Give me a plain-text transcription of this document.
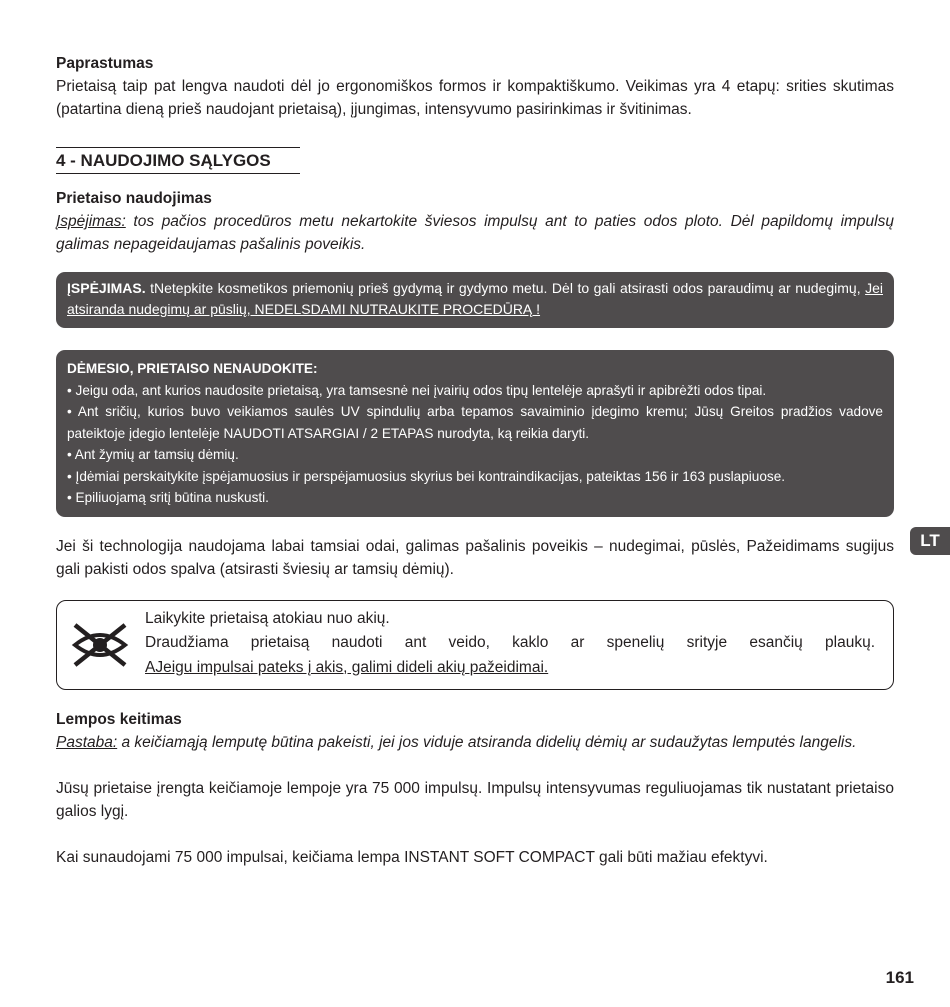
Paprastumas

Prietaisą taip pat lengva naudoti dėl jo ergonomiškos formos ir kompaktiškumo. Veikimas yra 4 etapų: srities skutimas (patartina dieną prieš naudojant prietaisą), įjungimas, intensyvumo pasirinkimas ir švitinimas.

4 - NAUDOJIMO SĄLYGOS
Prietaiso naudojimas

Įspėjimas: tos pačios procedūros metu nekartokite šviesos impulsų ant to paties odos ploto. Dėl papildomų impulsų galimas nepageidaujamas pašalinis poveikis.

ĮSPĖJIMAS. tNetepkite kosmetikos priemonių prieš gydymą ir gydymo metu. Dėl to gali atsirasti odos paraudimų ar nudegimų, Jei atsiranda nudegimų ar pūslių, NEDELSDAMI NUTRAUKITE PROCEDŪRĄ !
DĖMESIO, PRIETAISO NENAUDOKITE:
• Jeigu oda, ant kurios naudosite prietaisą, yra tamsesnė nei įvairių odos tipų lentelėje aprašyti ir apibrėžti odos tipai.
• Ant sričių, kurios buvo veikiamos saulės UV spindulių arba tepamos savaiminio įdegimo kremu; Jūsų Greitos pradžios vadove pateiktoje įdegio lentelėje NAUDOTI ATSARGIAI / 2 ETAPAS nurodyta, ką reikia daryti.
• Ant žymių ar tamsių dėmių.
• Įdėmiai perskaitykite įspėjamuosius ir perspėjamuosius skyrius bei kontraindikacijas, pateiktas 156 ir 163 puslapiuose.
• Epiliuojamą sritį būtina nuskusti.

Jei ši technologija naudojama labai tamsiai odai, galimas pašalinis poveikis – nudegimai, pūslės, Pažeidimams sugijus gali pakisti odos spalva (atsirasti šviesių ar tamsių dėmių).

Laikykite prietaisą atokiau nuo akių.
Draudžiama prietaisą naudoti ant veido, kaklo ar spenelių srityje esančių plaukų.
AJeigu impulsai pateks į akis, galimi dideli akių pažeidimai.
Lempos keitimas

Pastaba: a keičiamąją lemputę būtina pakeisti, jei jos viduje atsiranda didelių dėmių ar sudaužytas lemputės langelis.

Jūsų prietaise įrengta keičiamoje lempoje yra 75 000 impulsų. Impulsų intensyvumas reguliuojamas tik nustatant prietaiso galios lygį.

Kai sunaudojami 75 000 impulsai, keičiama lempa INSTANT SOFT COMPACT gali būti mažiau efektyvi.

LT
161
